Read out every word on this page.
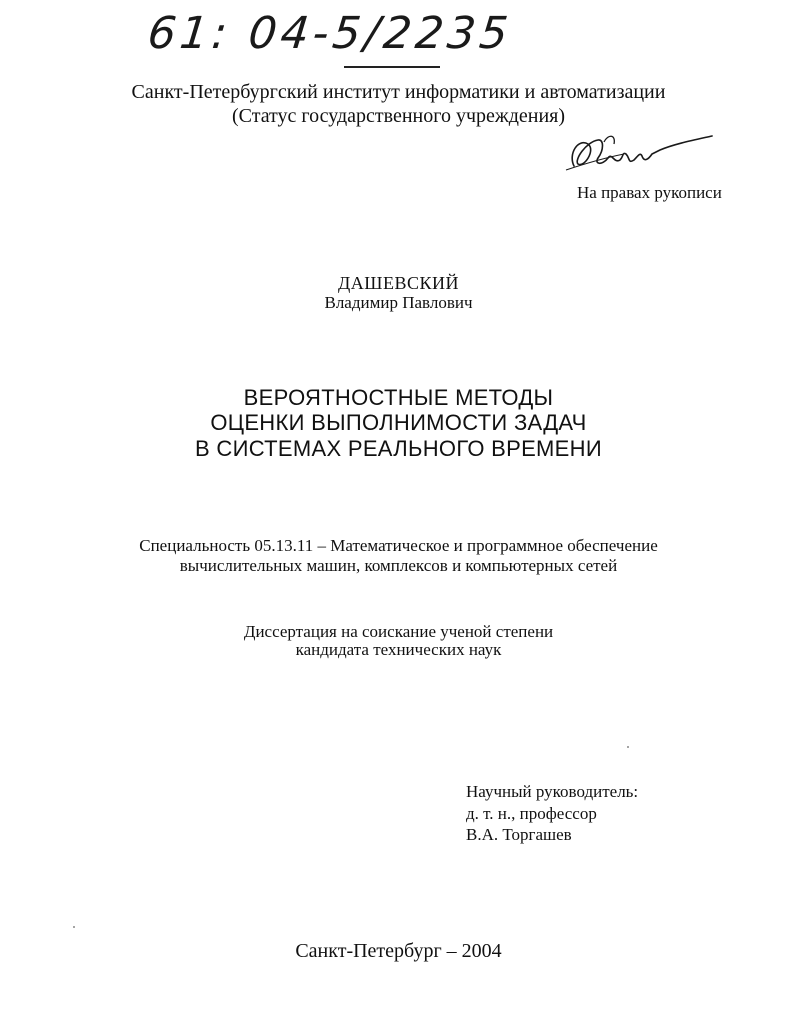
61: 04-5/2235
Санкт-Петербургский институт информатики и автоматизации
(Статус государственного учреждения)
На правах рукописи
ДАШЕВСКИЙ
Владимир Павлович
ВЕРОЯТНОСТНЫЕ МЕТОДЫ
ОЦЕНКИ ВЫПОЛНИМОСТИ ЗАДАЧ
В СИСТЕМАХ РЕАЛЬНОГО ВРЕМЕНИ
Специальность 05.13.11 – Математическое и программное обеспечение
вычислительных машин, комплексов и компьютерных сетей
Диссертация на соискание ученой степени
кандидата технических наук
Научный руководитель:
д. т. н., профессор
В.А. Торгашев
Санкт-Петербург – 2004
